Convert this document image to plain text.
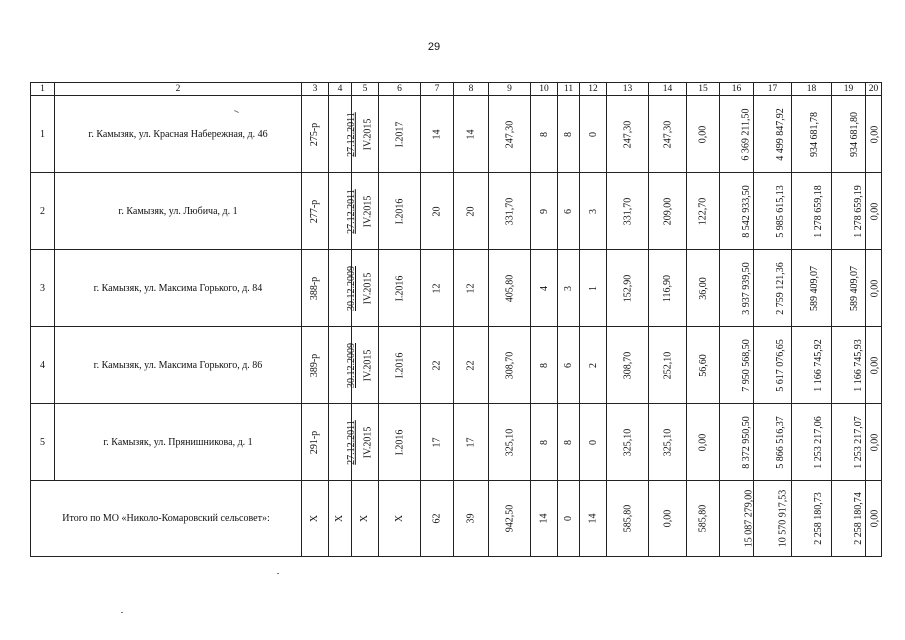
29
1	2	3	4	5	6	7	8	9	10	11	12	13	14	15	16	17	18	19	20
1	г. Камызяк, ул. Красная Набережная, д. 46	275-р	27.12.2011	IV.2015	I.2017	14	14	247,30	8	8	0	247,30	247,30	0,00	6 369 211,50	4 499 847,92	934 681,78	934 681,80	0,00
2	г. Камызяк, ул. Любича, д. 1	277-р	27.12.2011	IV.2015	I.2016	20	20	331,70	9	6	3	331,70	209,00	122,70	8 542 933,50	5 985 615,13	1 278 659,18	1 278 659,19	0,00
3	г. Камызяк, ул. Максима Горького, д. 84	388-р	30.12.2009	IV.2015	I.2016	12	12	405,80	4	3	1	152,90	116,90	36,00	3 937 939,50	2 759 121,36	589 409,07	589 409,07	0,00
4	г. Камызяк, ул. Максима Горького, д. 86	389-р	30.12.2009	IV.2015	I.2016	22	22	308,70	8	6	2	308,70	252,10	56,60	7 950 568,50	5 617 076,65	1 166 745,92	1 166 745,93	0,00
5	г. Камызяк, ул. Прянишникова, д. 1	291-р	27.12.2011	IV.2015	I.2016	17	17	325,10	8	8	0	325,10	325,10	0,00	8 372 950,50	5 866 516,37	1 253 217,06	1 253 217,07	0,00
Итого по МО «Николо-Комаровский сельсовет»:		X	X	X	X	62	39	942,50	14	0	14	585,80	0,00	585,80	15 087 279,00	10 570 917,53	2 258 180,73	2 258 180,74	0,00
